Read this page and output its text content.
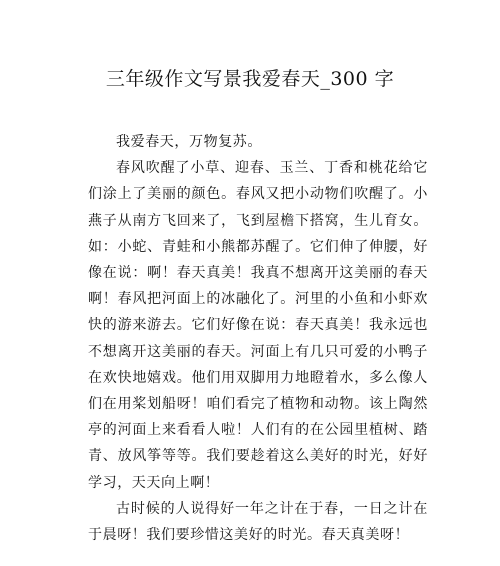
三年级作文写景我爱春天_300 字

我爱春天，万物复苏。

春风吹醒了小草、迎春、玉兰、丁香和桃花给它们涂上了美丽的颜色。春风又把小动物们吹醒了。小燕子从南方飞回来了，飞到屋檐下搭窝，生儿育女。如：小蛇、青蛙和小熊都苏醒了。它们伸了伸腰，好像在说：啊！春天真美！我真不想离开这美丽的春天啊！春风把河面上的冰融化了。河里的小鱼和小虾欢快的游来游去。它们好像在说：春天真美！我永远也不想离开这美丽的春天。河面上有几只可爱的小鸭子在欢快地嬉戏。他们用双脚用力地瞪着水，多么像人们在用桨划船呀！咱们看完了植物和动物。该上陶然亭的河面上来看看人啦！人们有的在公园里植树、踏青、放风筝等等。我们要趁着这么美好的时光，好好学习，天天向上啊！

古时候的人说得好一年之计在于春，一日之计在于晨呀！我们要珍惜这美好的时光。春天真美呀！
